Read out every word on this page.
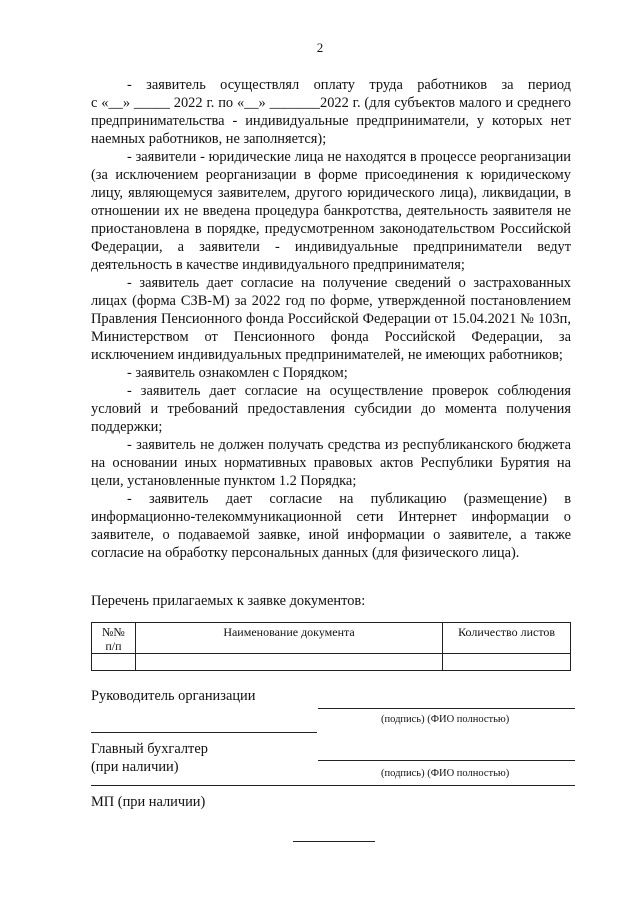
2

- заявитель осуществлял оплату труда работников за период

с «__» _____ 2022 г. по «__» _______2022 г. (для субъектов малого и среднего предпринимательства - индивидуальные предприниматели, у которых нет наемных работников, не заполняется);

- заявители - юридические лица не находятся в процессе реорганизации (за исключением реорганизации в форме присоединения к юридическому лицу, являющемуся заявителем, другого юридического лица), ликвидации, в отношении их не введена процедура банкротства, деятельность заявителя не приостановлена в порядке, предусмотренном законодательством Российской Федерации, а заявители - индивидуальные предприниматели ведут деятельность в качестве индивидуального предпринимателя;

- заявитель дает согласие на получение сведений о застрахованных лицах (форма СЗВ-М) за 2022 год по форме, утвержденной постановлением Правления Пенсионного фонда Российской Федерации от 15.04.2021 № 103п, Министерством от Пенсионного фонда Российской Федерации, за исключением индивидуальных предпринимателей, не имеющих работников;

- заявитель ознакомлен с Порядком;

- заявитель дает согласие на осуществление проверок соблюдения условий и требований предоставления субсидии до момента получения поддержки;

- заявитель не должен получать средства из республиканского бюджета на основании иных нормативных правовых актов Республики Бурятия на цели, установленные пунктом 1.2 Порядка;

- заявитель дает согласие на публикацию (размещение) в информационно-телекоммуникационной сети Интернет информации о заявителе, о подаваемой заявке, иной информации о заявителе, а также согласие на обработку персональных данных (для физического лица).

Перечень прилагаемых к заявке документов:
№№
п/п	Наименование документа	Количество листов

Руководитель организации
(подпись) (ФИО полностью)
Главный бухгалтер
(при наличии)	(подпись) (ФИО полностью)
МП (при наличии)
